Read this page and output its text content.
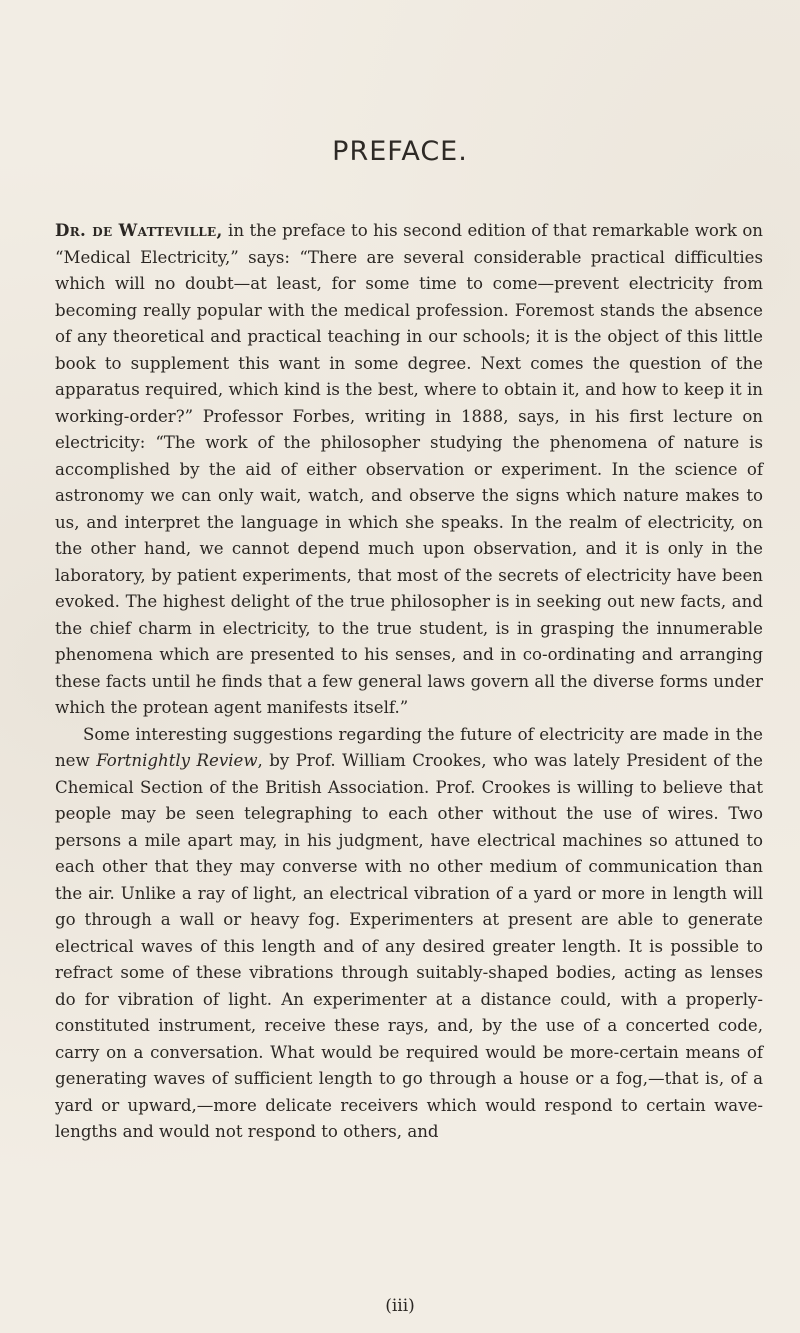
PREFACE.

Dr. de Watteville, in the preface to his second edition of that remarkable work on “Medical Electricity,” says: “There are several considerable practical difficulties which will no doubt—at least, for some time to come—prevent electricity from becoming really popular with the medical profession. Foremost stands the absence of any theoretical and practical teaching in our schools; it is the object of this little book to supplement this want in some degree. Next comes the question of the apparatus required, which kind is the best, where to obtain it, and how to keep it in working-order?” Professor Forbes, writing in 1888, says, in his first lecture on electricity: “The work of the philosopher studying the phenomena of nature is accomplished by the aid of either observation or experiment. In the science of astronomy we can only wait, watch, and observe the signs which nature makes to us, and interpret the language in which she speaks. In the realm of electricity, on the other hand, we cannot depend much upon observation, and it is only in the laboratory, by patient experiments, that most of the secrets of electricity have been evoked. The highest delight of the true philosopher is in seeking out new facts, and the chief charm in electricity, to the true student, is in grasping the innumerable phenomena which are presented to his senses, and in co-ordinating and arranging these facts until he finds that a few general laws govern all the diverse forms under which the protean agent manifests itself.”

Some interesting suggestions regarding the future of electricity are made in the new Fortnightly Review, by Prof. William Crookes, who was lately President of the Chemical Section of the British Association. Prof. Crookes is willing to believe that people may be seen telegraphing to each other without the use of wires. Two persons a mile apart may, in his judgment, have electrical machines so attuned to each other that they may converse with no other medium of communication than the air. Unlike a ray of light, an electrical vibration of a yard or more in length will go through a wall or heavy fog. Experimenters at present are able to generate electrical waves of this length and of any desired greater length. It is possible to refract some of these vibrations through suitably-shaped bodies, acting as lenses do for vibration of light. An experimenter at a distance could, with a properly-constituted instrument, receive these rays, and, by the use of a concerted code, carry on a conversation. What would be required would be more-certain means of generating waves of sufficient length to go through a house or a fog,—that is, of a yard or upward,—more delicate receivers which would respond to certain wave-lengths and would not respond to others, and

(iii)
